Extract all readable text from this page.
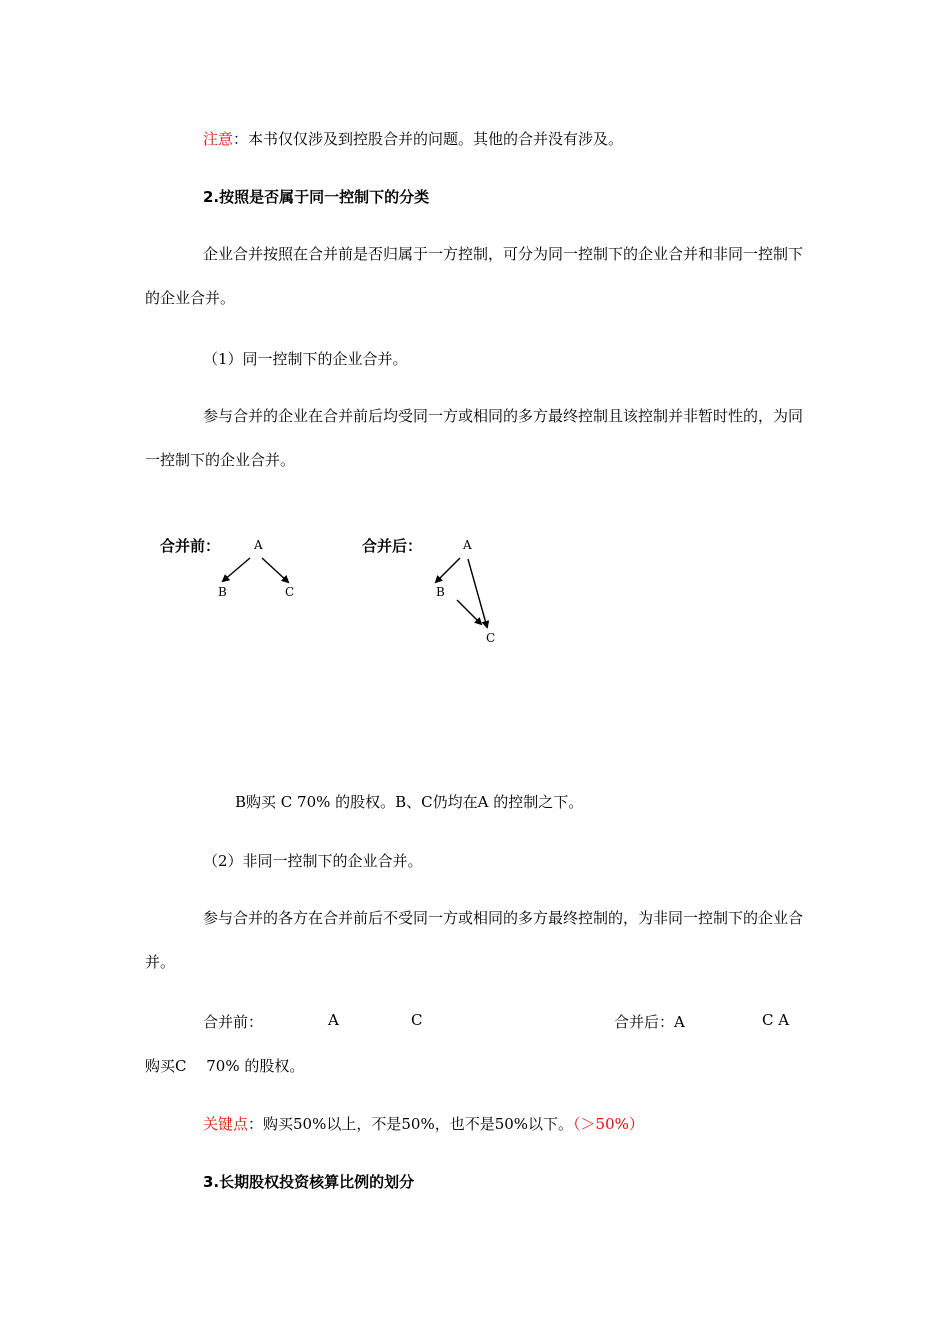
注意：本书仅仅涉及到控股合并的问题。其他的合并没有涉及。
2.按照是否属于同一控制下的分类
企业合并按照在合并前是否归属于一方控制，可分为同一控制下的企业合并和非同一控制下的企业合并。
（1）同一控制下的企业合并。
参与合并的企业在合并前后均受同一方或相同的多方最终控制且该控制并非暂时性的，为同一控制下的企业合并。
合并前：	A
B	C
合并后：	A
B
C
B购买 C 70% 的股权。B、C仍均在A 的控制之下。
（2）非同一控制下的企业合并。
参与合并的各方在合并前后不受同一方或相同的多方最终控制的，为非同一控制下的企业合并。
合并前：	A	C	合并后：A	C A
购买C　 70% 的股权。
关键点：购买50%以上，不是50%，也不是50%以下。（＞50%）
3.长期股权投资核算比例的划分
